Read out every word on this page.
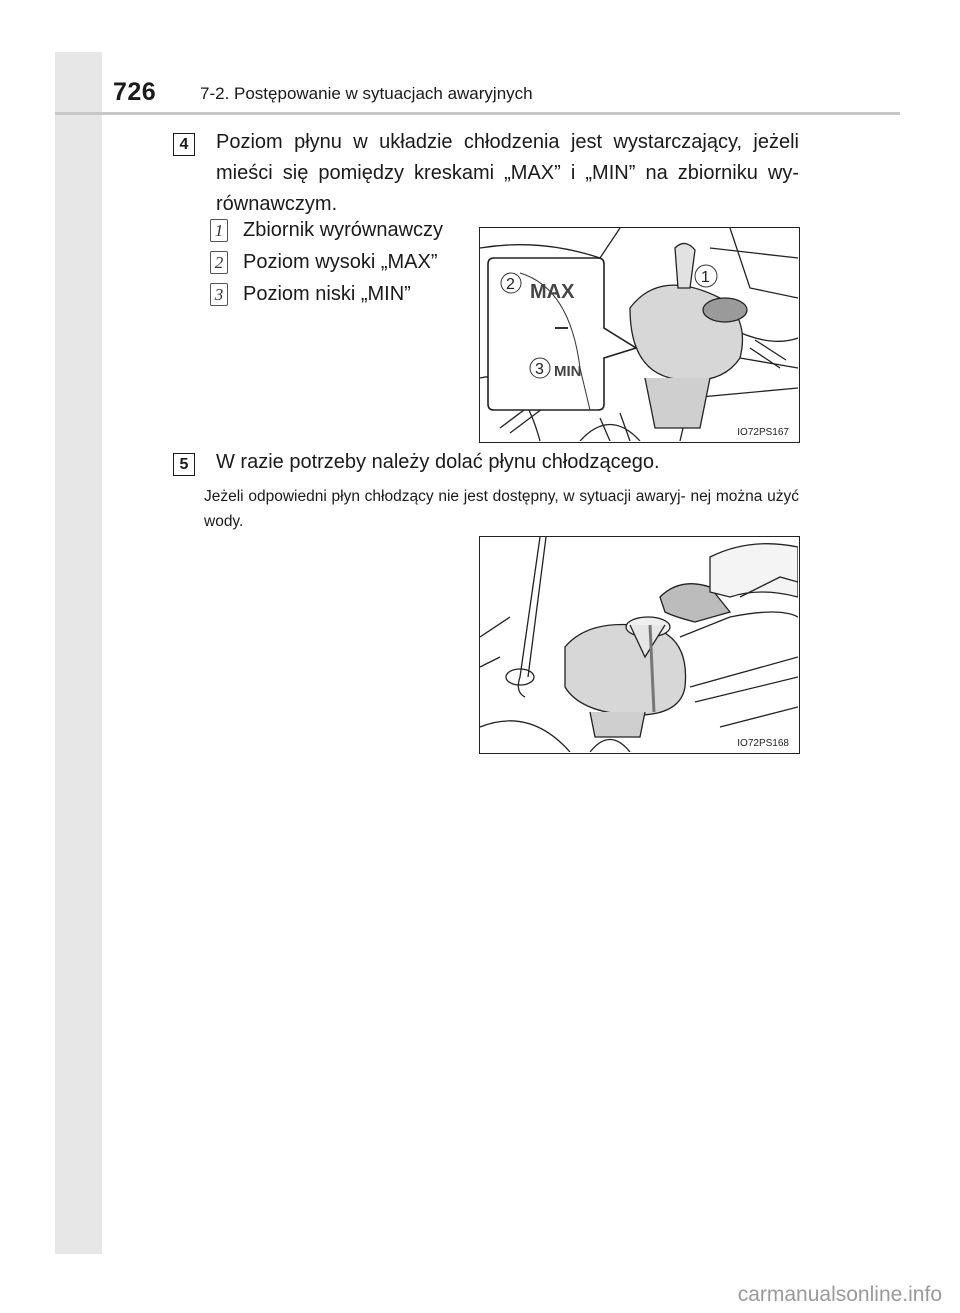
726	7-2. Postępowanie w sytuacjach awaryjnych
4	Poziom płynu w układzie chłodzenia jest wystarczający, jeżeli mieści się pomiędzy kreskami „MAX” i „MIN” na zbiorniku wy- równawczym.
1 Zbiornik wyrównawczy
2 Poziom wysoki „MAX”
3 Poziom niski „MIN”	MAX
MIN
2
3
1
IO72PS167
5	W razie potrzeby należy dolać płynu chłodzącego.
Jeżeli odpowiedni płyn chłodzący nie jest dostępny, w sytuacji awaryj- nej można użyć wody.
IO72PS168
carmanualsonline.info
